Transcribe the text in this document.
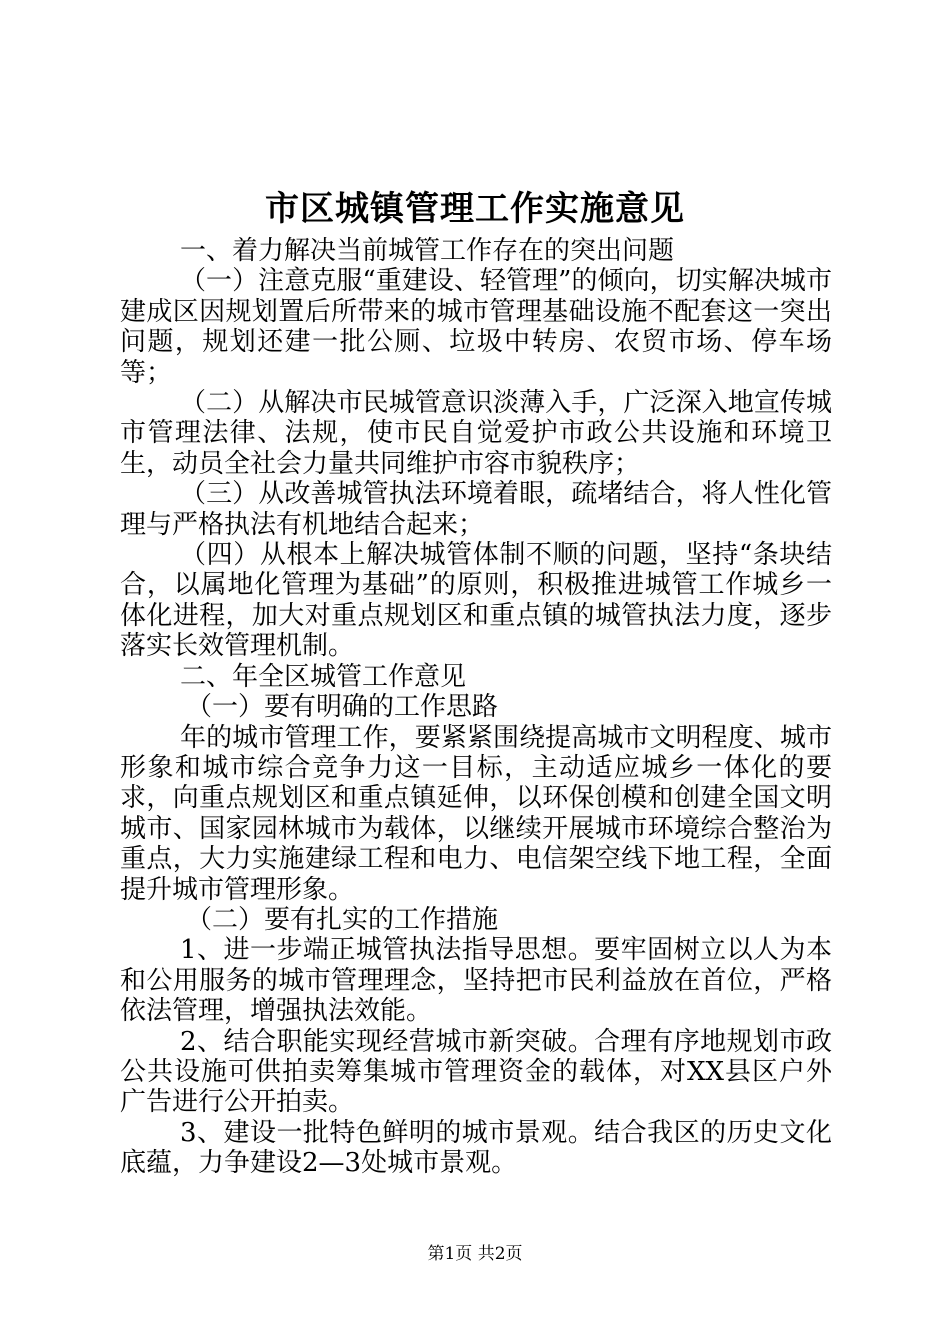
市区城镇管理工作实施意见

一、着力解决当前城管工作存在的突出问题

（一）注意克服“重建设、轻管理”的倾向，切实解决城市建成区因规划置后所带来的城市管理基础设施不配套这一突出问题，规划还建一批公厕、垃圾中转房、农贸市场、停车场等；

（二）从解决市民城管意识淡薄入手，广泛深入地宣传城市管理法律、法规，使市民自觉爱护市政公共设施和环境卫生，动员全社会力量共同维护市容市貌秩序；

（三）从改善城管执法环境着眼，疏堵结合，将人性化管理与严格执法有机地结合起来；

（四）从根本上解决城管体制不顺的问题，坚持“条块结合，以属地化管理为基础”的原则，积极推进城管工作城乡一体化进程，加大对重点规划区和重点镇的城管执法力度，逐步落实长效管理机制。

二、年全区城管工作意见

（一）要有明确的工作思路

年的城市管理工作，要紧紧围绕提高城市文明程度、城市形象和城市综合竞争力这一目标，主动适应城乡一体化的要求，向重点规划区和重点镇延伸，以环保创模和创建全国文明城市、国家园林城市为载体，以继续开展城市环境综合整治为重点，大力实施建绿工程和电力、电信架空线下地工程，全面提升城市管理形象。

（二）要有扎实的工作措施

1、进一步端正城管执法指导思想。要牢固树立以人为本和公用服务的城市管理理念，坚持把市民利益放在首位，严格依法管理，增强执法效能。

2、结合职能实现经营城市新突破。合理有序地规划市政公共设施可供拍卖筹集城市管理资金的载体，对XX县区户外广告进行公开拍卖。

3、建设一批特色鲜明的城市景观。结合我区的历史文化底蕴，力争建设2—3处城市景观。

第1页 共2页
